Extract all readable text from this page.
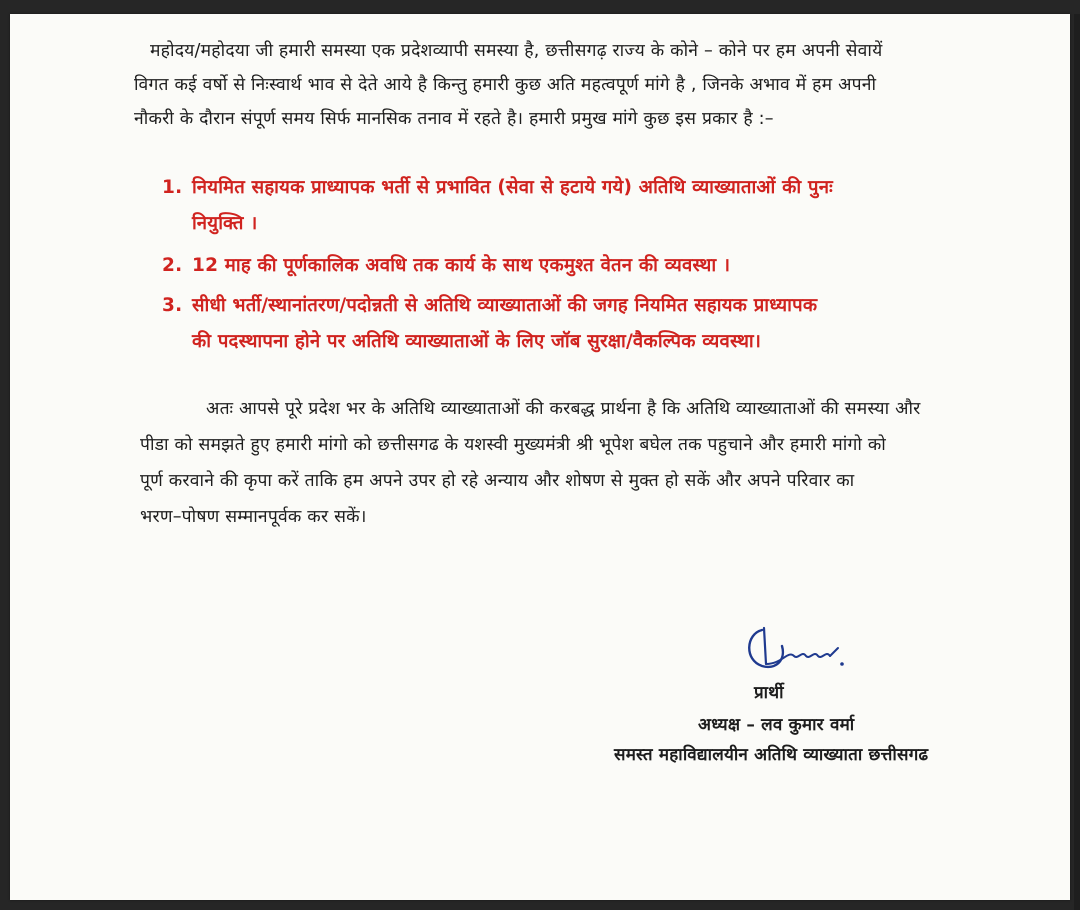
महोदय/महोदया जी हमारी समस्या एक प्रदेशव्यापी समस्या है, छत्तीसगढ़ राज्य के कोने – कोने पर हम अपनी सेवायें
विगत कई वर्षो से निःस्वार्थ भाव से देते आये है किन्तु हमारी कुछ अति महत्वपूर्ण मांगे है , जिनके अभाव में हम अपनी
नौकरी के दौरान संपूर्ण समय सिर्फ मानसिक तनाव में रहते है। हमारी प्रमुख मांगे कुछ इस प्रकार है :–
1. नियमित सहायक प्राध्यापक भर्ती से प्रभावित (सेवा से हटाये गये) अतिथि व्याख्याताओं की पुनः
नियुक्ति ।
2. 12 माह की पूर्णकालिक अवधि तक कार्य के साथ एकमुश्त वेतन की व्यवस्था ।
3. सीधी भर्ती/स्थानांतरण/पदोन्नती से अतिथि व्याख्याताओं की जगह नियमित सहायक प्राध्यापक
की पदस्थापना होने पर अतिथि व्याख्याताओं के लिए जॉब सुरक्षा/वैकल्पिक व्यवस्था।
अतः आपसे पूरे प्रदेश भर के अतिथि व्याख्याताओं की करबद्ध प्रार्थना है कि अतिथि व्याख्याताओं की समस्या और
पीडा को समझते हुए हमारी मांगो को छत्तीसगढ के यशस्वी मुख्यमंत्री श्री भूपेश बघेल तक पहुचाने और हमारी मांगो को
पूर्ण करवाने की कृपा करें ताकि हम अपने उपर हो रहे अन्याय और शोषण से मुक्त हो सकें और अपने परिवार का
भरण–पोषण सम्मानपूर्वक कर सकें।
प्रार्थी
अध्यक्ष – लव कुमार वर्मा
समस्त महाविद्यालयीन अतिथि व्याख्याता छत्तीसगढ
